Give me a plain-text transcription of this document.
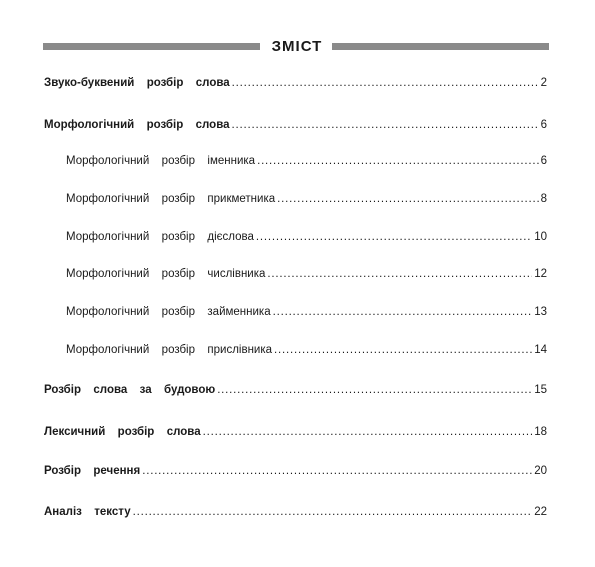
ЗМІСТ
Звуко-буквений  розбір  слова . . .	2
Морфологічний  розбір  слова . . .	6
Морфологічний  розбір  іменника . . .	6
Морфологічний  розбір  прикметника . . .	8
Морфологічний  розбір  дієслова . . .	10
Морфологічний  розбір  числівника . . .	12
Морфологічний  розбір  займенника . . .	13
Морфологічний  розбір  прислівника . . .	14
Розбір  слова  за  будовою . . .	15
Лексичний  розбір  слова . . .	18
Розбір  речення . . .	20
Аналіз  тексту . . .	22
